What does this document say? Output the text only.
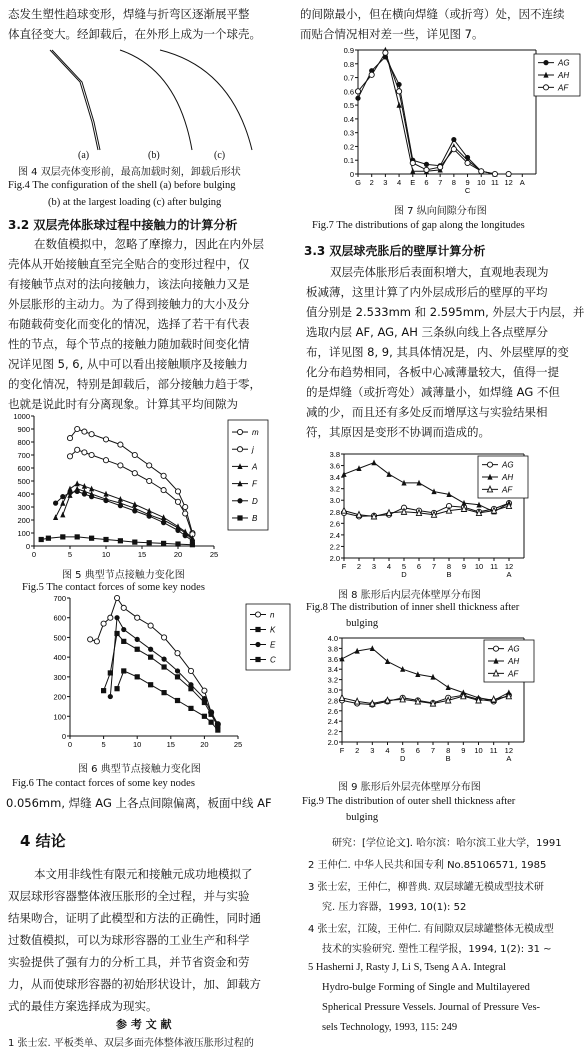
态发生塑性趋球变形，焊缝与折弯区逐渐展平整
体直径变大。经卸载后，在外形上成为一个球壳。
(a)	(b)	(c)
图 4 双层壳体变形前，最高加载时刻，卸载后形状
Fig.4 The configuration of the shell (a) before bulging
(b) at the largest loading (c) after bulging
3.2 双层壳体胀球过程中接触力的计算分析
在数值模拟中，忽略了摩擦力，因此在内外层
壳体从开始接触直至完全贴合的变形过程中，仅
有接触节点对的法向接触力，该法向接触力又是
外层胀形的主动力。为了得到接触力的大小及分
布随载荷变化而变化的情况，选择了若干有代表
性的节点，每个节点的接触力随加载时间变化情
况详见图 5, 6, 从中可以看出接触顺序及接触力
的变化情况，特别是卸载后，部分接触力趋于零，
也就是说此时有分离现象。计算其平均间隙为
0
100
200
300
400
500
600
700
800
900
1000
0	5	10	15	20	25
m
j
A
F
D
B
图 5 典型节点接触力变化图
Fig.5 The contact forces of some key nodes
0
100
200
300
400
500
600
700
0	5	10	15	20	25
n
K
E
C
图 6 典型节点接触力变化图
Fig.6 The contact forces of some key nodes
0.056mm, 焊缝 AG 上各点间隙偏离，板面中线 AF
4 结论
本文用非线性有限元和接触元成功地模拟了
双层球形容器整体液压胀形的全过程，并与实验
结果吻合，证明了此模型和方法的正确性，同时通
过数值模拟，可以为球形容器的工业生产和科学
实验提供了强有力的分析工具，并节省资金和劳
力，从而使球形容器的初始形状设计，加、卸载方
式的最佳方案选择成为现实。
参 考 文 献
1 张士宏. 平板类单、双层多面壳体整体液压胀形过程的
的间隙最小，但在横向焊缝（或折弯）处，因不连续
而贴合情况相对差一些，详见图 7。
0
0.1
0.2
0.3
0.4
0.5
0.6
0.7
0.8
0.9
G 2 3 4 E 6 7 8 9 10 11 12 A
C
AG
AH
AF
图 7 纵向间隙分布图
Fig.7 The distributions of gap along the longitudes
3.3 双层球壳胀后的壁厚计算分析
双层壳体胀形后表面积增大，直观地表现为
板减薄，这里计算了内外层成形后的壁厚的平均
值分别是 2.533mm 和 2.595mm, 外层大于内层，并
选取内层 AF, AG, AH 三条纵向线上各点壁厚分
布，详见图 8, 9, 其具体情况是，内、外层壁厚的变
化分布趋势相同，各板中心减薄量较大，值得一提
的是焊缝（或折弯处）减薄量小，如焊缝 AG 不但
减的少，而且还有多处反而增厚这与实验结果相
符，其原因是变形不协调而造成的。
2.0
2.2
2.4
2.6
2.8
3.0
3.2
3.4
3.6
3.8
F 2 3 4 5 6 7 8 9 10 11 12
D	B	A
AG
AH
AF
图 8 胀形后内层壳体壁厚分布图
Fig.8 The distribution of inner shell thickness after
bulging
2.0
2.2
2.4
2.6
2.8
3.0
3.2
3.4
3.6
3.8
4.0
F 2 3 4 5 6 7 8 9 10 11 12
D	B	A
AG
AH
AF
图 9 胀形后外层壳体壁厚分布图
Fig.9 The distribution of outer shell thickness after
bulging
研究：[学位论文]. 哈尔滨：哈尔滨工业大学，1991
2 王仲仁. 中华人民共和国专利 No.85106571, 1985
3 张士宏，王仲仁，柳普典. 双层球罐无模成型技术研
究. 压力容器，1993, 10(1): 52
4 张士宏，江陵，王仲仁. 有间隙双层球罐整体无模成型
技术的实验研究. 塑性工程学报，1994, 1(2): 31 ~
5 Hasherni J, Rasty J, Li S, Tseng A A. Integral
Hydro-bulge Forming of Single and Multilayered
Spherical Pressure Vessels. Journal of Pressure Ves-
sels Technology, 1993, 115: 249
